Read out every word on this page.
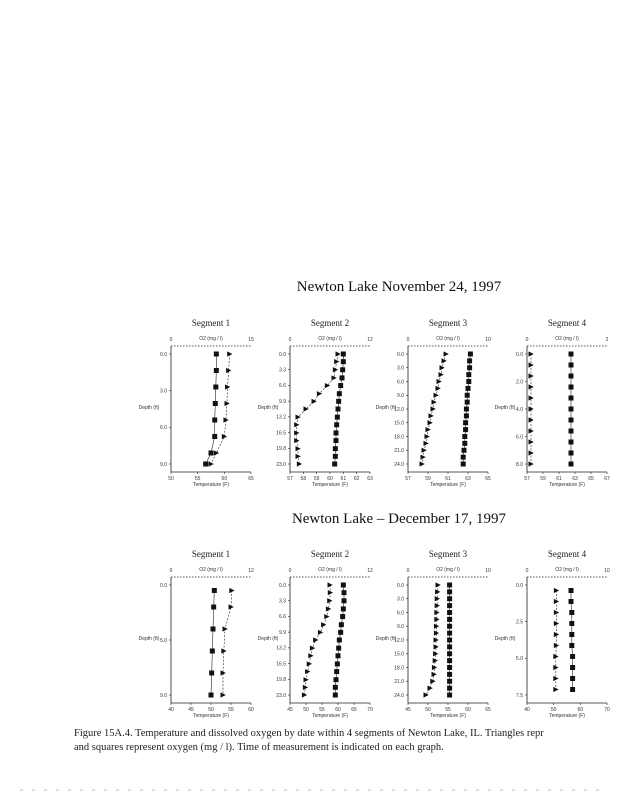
Newton Lake November 24, 1997
Newton Lake – December 17, 1997
Segment 1
O2 (mg / l)
0	15
0.0
3.0
6.0
9.0
Depth (ft)
50	55	60	65
Temperature (F)
Segment 2
O2 (mg / l)
0	12
0.0
3.3
6.6
9.9
13.2
16.5
19.8
23.0
Depth (ft)
57 58 59 60 61 62 63
Temperature (F)
Segment 3
O2 (mg / l)
0	10
0.0
3.0
6.0
9.0
12.0
15.0
18.0
21.0
24.0
Depth (ft)
57	59	61	63	65
Temperature (F)
Segment 4
O2 (mg / l)
0	2
0.0
2.0
4.0
6.0
8.0
Depth (ft)
57 59 61 63 65 67
Temperature (F)
Segment 1
O2 (mg / l)
0	12
0.0
5.0
9.0
Depth (ft)
40	45	50	55	60
Temperature (F)
Segment 2
O2 (mg / l)
0	12
0.0
3.3
6.6
9.9
13.2
16.5
19.8
23.0
Depth (ft)
45 50 55 60 65 70
Temperature (F)
Segment 3
O2 (mg / l)
0	10
0.0
3.0
6.0
9.0
12.0
15.0
18.0
21.0
24.0
Depth (ft)
45	50	55	60	65
Temperature (F)
Segment 4
O2 (mg / l)
0	10
0.0
2.5
5.0
7.5
Depth (ft)
40	50	60	70
Temperature (F)
Figure 15A.4. Temperature and dissolved oxygen by date within 4 segments of Newton Lake, IL. Triangles repr
and squares represent oxygen (mg / l). Time of measurement is indicated on each graph.
